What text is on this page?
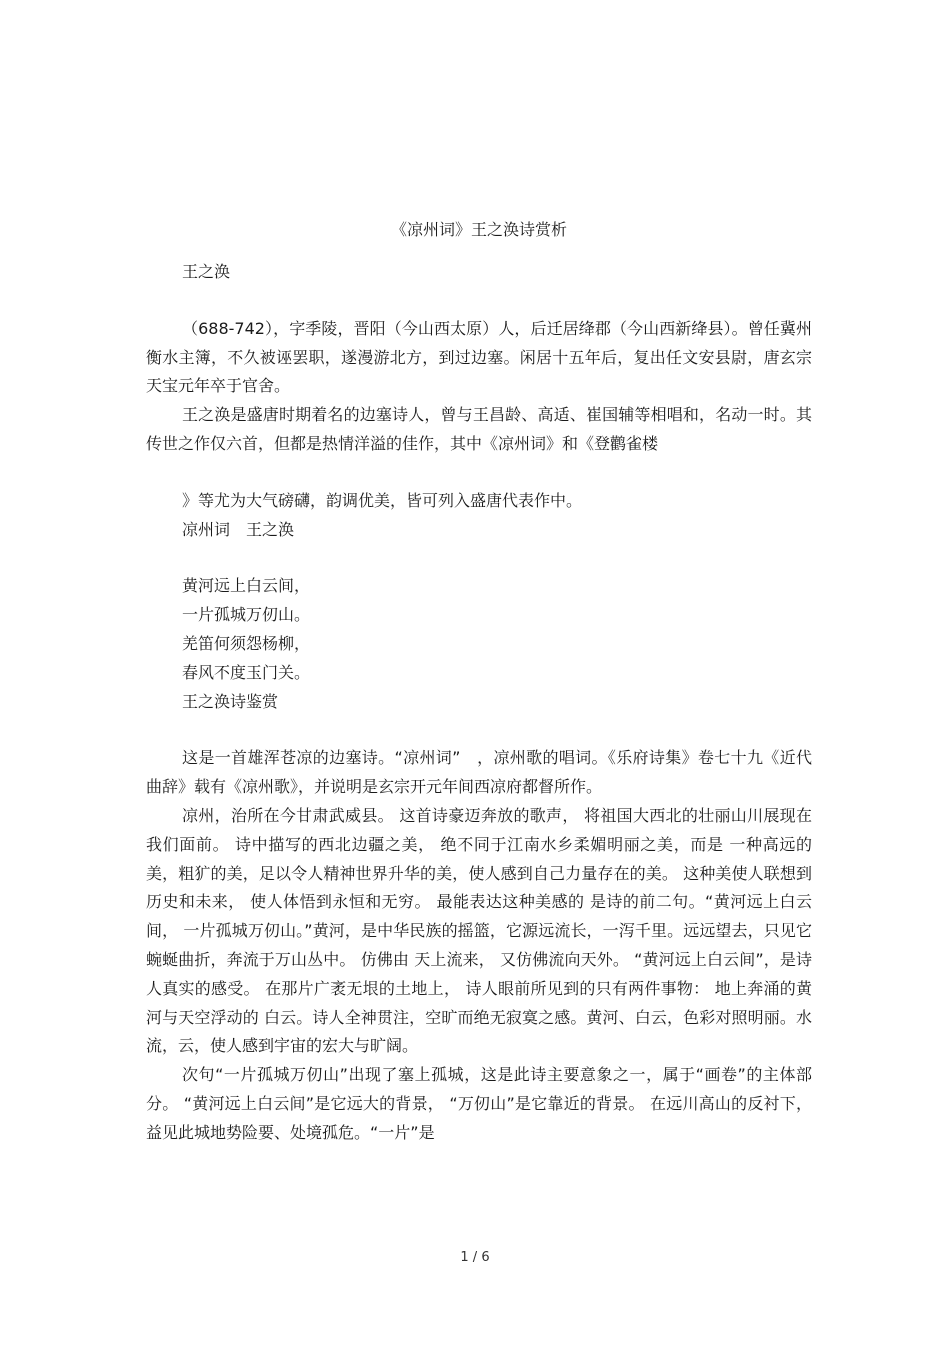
《凉州词》王之涣诗赏析

王之涣

（688-742），字季陵，晋阳（今山西太原）人，后迁居绛郡（今山西新绛县）。曾任冀州衡水主簿，不久被诬罢职，遂漫游北方，到过边塞。闲居十五年后，复出任文安县尉，唐玄宗天宝元年卒于官舍。

王之涣是盛唐时期着名的边塞诗人，曾与王昌龄、高适、崔国辅等相唱和，名动一时。其传世之作仅六首，但都是热情洋溢的佳作，其中《凉州词》和《登鹳雀楼

》等尤为大气磅礴，韵调优美，皆可列入盛唐代表作中。

凉州词　王之涣

黄河远上白云间，

一片孤城万仞山。

羌笛何须怨杨柳，

春风不度玉门关。

王之涣诗鉴赏

这是一首雄浑苍凉的边塞诗。“凉州词”　，凉州歌的唱词。《乐府诗集》卷七十九《近代曲辞》载有《凉州歌》，并说明是玄宗开元年间西凉府都督所作。

凉州，治所在今甘肃武威县。 这首诗豪迈奔放的歌声， 将祖国大西北的壮丽山川展现在我们面前。 诗中描写的西北边疆之美， 绝不同于江南水乡柔媚明丽之美，而是 一种高远的美，粗犷的美，足以令人精神世界升华的美，使人感到自己力量存在的美。 这种美使人联想到历史和未来， 使人体悟到永恒和无穷。 最能表达这种美感的 是诗的前二句。“黄河远上白云间， 一片孤城万仞山。”黄河，是中华民族的摇篮，它源远流长，一泻千里。远远望去，只见它蜿蜒曲折，奔流于万山丛中。 仿佛由 天上流来， 又仿佛流向天外。 “黄河远上白云间”，是诗人真实的感受。 在那片广袤无垠的土地上， 诗人眼前所见到的只有两件事物： 地上奔涌的黄河与天空浮动的 白云。诗人全神贯注，空旷而绝无寂寞之感。黄河、白云，色彩对照明丽。水流，云，使人感到宇宙的宏大与旷阔。

次句“一片孤城万仞山”出现了塞上孤城，这是此诗主要意象之一，属于“画卷”的主体部分。 “黄河远上白云间”是它远大的背景， “万仞山”是它靠近的背景。 在远川高山的反衬下，益见此城地势险要、处境孤危。“一片”是

1 / 6
